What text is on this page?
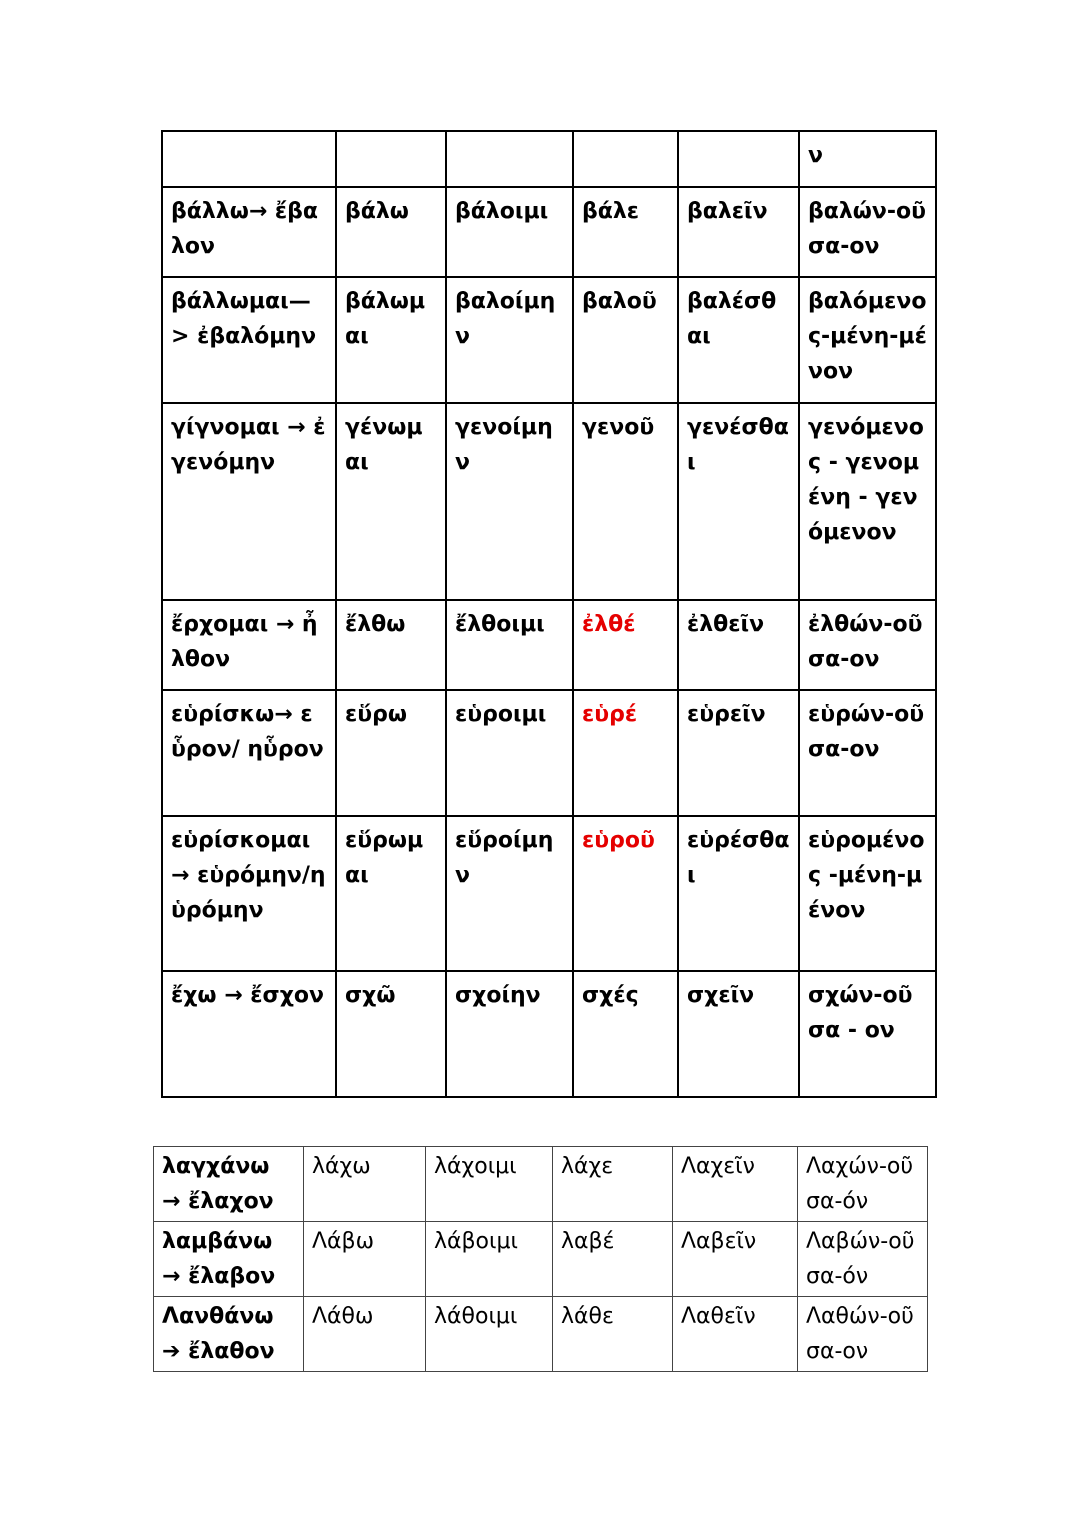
					ν
βάλλω→ ἔβαλον	βάλω	βάλοιμι	βάλε	βαλεῖν	βαλών-οῦσα-ον
βάλλωμαι—> ἐβαλόμην	βάλωμαι	βαλοίμην	βαλοῦ	βαλέσθαι	βαλόμενος-μένη-μένον
γίγνομαι → ἐγενόμην	γένωμαι	γενοίμην	γενοῦ	γενέσθαι	γενόμενος - γενομένη - γενόμενον
ἔρχομαι → ἦλθον	ἔλθω	ἔλθοιμι	ἐλθέ	ἐλθεῖν	ἐλθών-οῦσα-ον
εὑρίσκω→ εὗρον/ ηὗρον	εὕρω	εὑροιμι	εὑρέ	εὑρεῖν	εὑρών-οῦσα-ον
εὑρίσκομαι → εὑρόμην/ηὑρόμην	εὕρωμαι	εὕροίμην	εὑροῦ	εὑρέσθαι	εὑρομένος -μένη-μένον
ἔχω → ἔσχον	σχῶ	σχοίην	σχές	σχεῖν	σχών-οῦσα - ον
λαγχάνω → ἔλαχον	λάχω	λάχοιμι	λάχε	Λαχεῖν	Λαχών-οῦσα-όν
λαμβάνω → ἔλαβον	Λάβω	λάβοιμι	λαβέ	Λαβεῖν	Λαβών-οῦσα-όν
Λανθάνω ➔ ἔλαθον	Λάθω	λάθοιμι	λάθε	Λαθεῖν	Λαθών-οῦσα-ον
